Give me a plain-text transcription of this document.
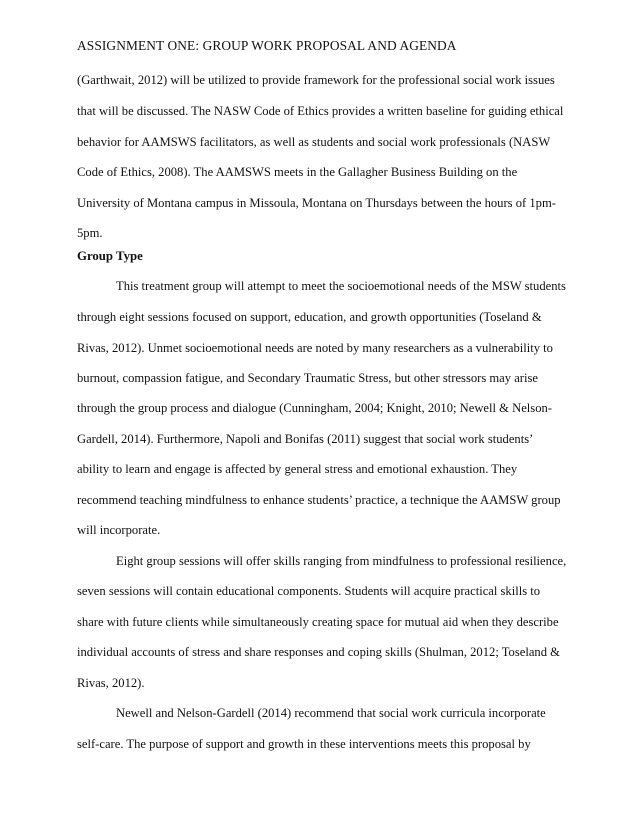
ASSIGNMENT ONE: GROUP WORK PROPOSAL AND AGENDA
(Garthwait, 2012) will be utilized to provide framework for the professional social work issues
that will be discussed. The NASW Code of Ethics provides a written baseline for guiding ethical
behavior for AAMSWS facilitators, as well as students and social work professionals (NASW
Code of Ethics, 2008). The AAMSWS meets in the Gallagher Business Building on the
University of Montana campus in Missoula, Montana on Thursdays between the hours of 1pm-
5pm.
Group Type
This treatment group will attempt to meet the socioemotional needs of the MSW students
through eight sessions focused on support, education, and growth opportunities (Toseland &
Rivas, 2012). Unmet socioemotional needs are noted by many researchers as a vulnerability to
burnout, compassion fatigue, and Secondary Traumatic Stress, but other stressors may arise
through the group process and dialogue (Cunningham, 2004; Knight, 2010; Newell & Nelson-
Gardell, 2014). Furthermore, Napoli and Bonifas (2011) suggest that social work students’
ability to learn and engage is affected by general stress and emotional exhaustion. They
recommend teaching mindfulness to enhance students’ practice, a technique the AAMSW group
will incorporate.
Eight group sessions will offer skills ranging from mindfulness to professional resilience,
seven sessions will contain educational components. Students will acquire practical skills to
share with future clients while simultaneously creating space for mutual aid when they describe
individual accounts of stress and share responses and coping skills (Shulman, 2012; Toseland &
Rivas, 2012).
Newell and Nelson-Gardell (2014) recommend that social work curricula incorporate
self-care. The purpose of support and growth in these interventions meets this proposal by
